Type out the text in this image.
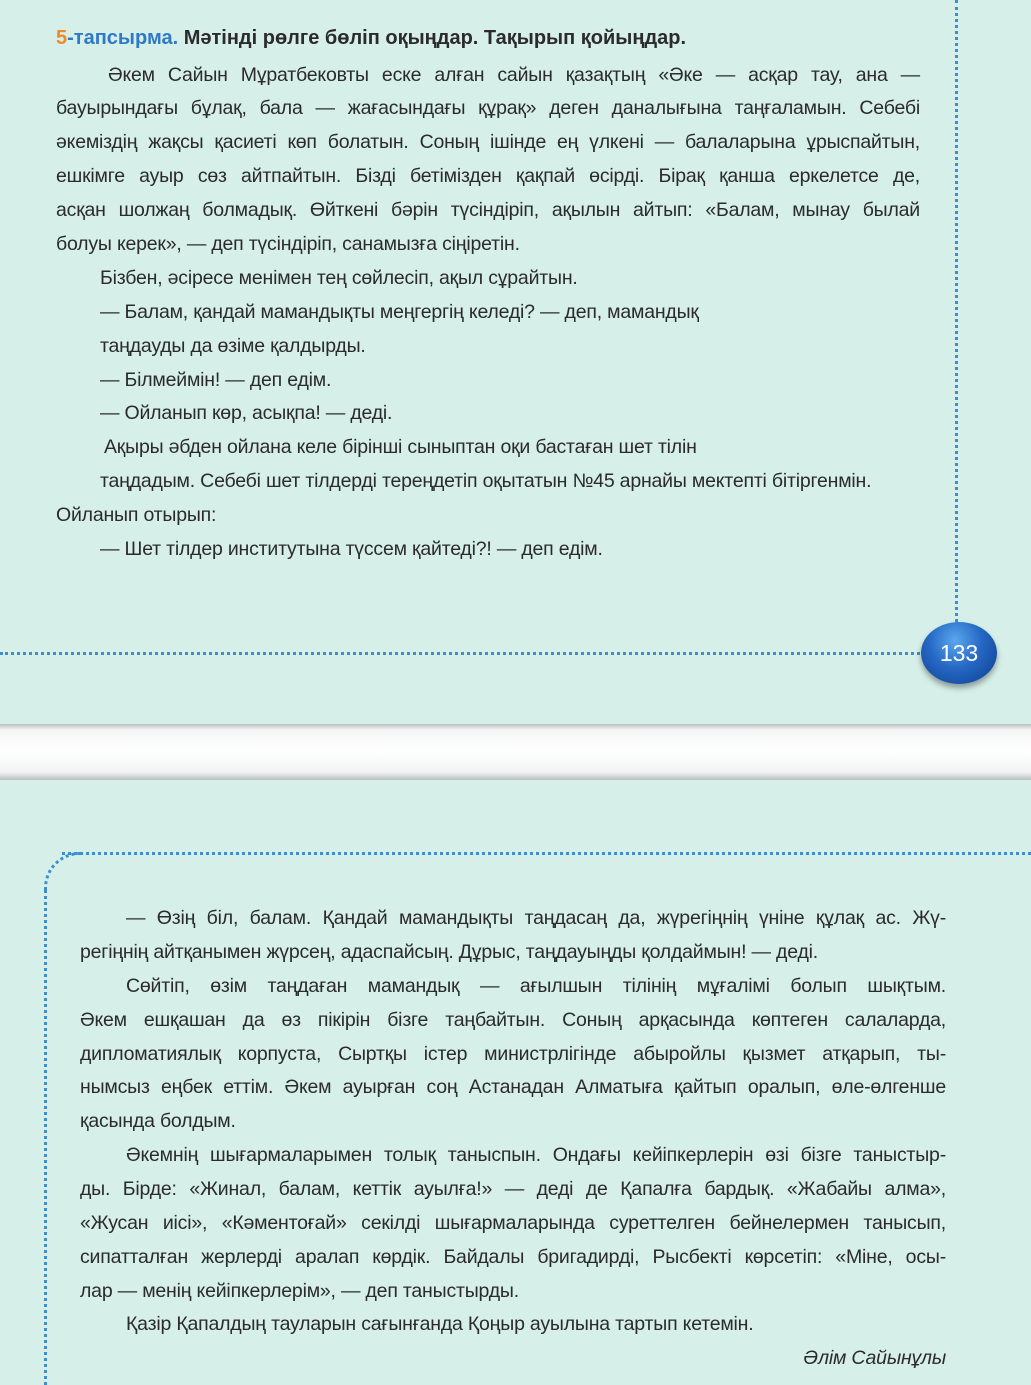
133
5-тапсырма. Мәтінді рөлге бөліп оқыңдар. Тақырып қойыңдар.
Әкем Сайын Мұратбековты еске алған сайын қазақтың «Әке — асқар тау, ана —
бауырындағы бұлақ, бала — жағасындағы құрақ» деген даналығына таңғаламын. Себебі
әкеміздің жақсы қасиеті көп болатын. Соның ішінде ең үлкені — балаларына ұрыспайтын,
ешкімге ауыр сөз айтпайтын. Бізді бетімізден қақпай өсірді. Бірақ қанша еркелетсе де,
асқан шолжаң болмадық. Өйткені бәрін түсіндіріп, ақылын айтып: «Балам, мынау былай
болуы керек», — деп түсіндіріп, санамызға сіңіретін.
Бізбен, әсіресе менімен тең сөйлесіп, ақыл сұрайтын.
— Балам, қандай мамандықты меңгергің келеді? — деп, мамандық
таңдауды да өзіме қалдырды.
— Білмеймін! — деп едім.
— Ойланып көр, асықпа! — деді.
Ақыры әбден ойлана келе бірінші сыныптан оқи бастаған шет тілін
таңдадым. Себебі шет тілдерді тереңдетіп оқытатын №45 арнайы мектепті бітіргенмін.
Ойланып отырып:
— Шет тілдер институтына түссем қайтеді?! — деп едім.
— Өзің біл, балам. Қандай мамандықты таңдасаң да, жүрегіңнің үніне құлақ ас. Жү-
регіңнің айтқанымен жүрсең, адаспайсың. Дұрыс, таңдауыңды қолдаймын! — деді.
Сөйтіп, өзім таңдаған мамандық — ағылшын тілінің мұғалімі болып шықтым.
Әкем ешқашан да өз пікірін бізге таңбайтын. Соның арқасында көптеген салаларда,
дипломатиялық корпуста, Сыртқы істер министрлігінде абыройлы қызмет атқарып, ты-
нымсыз еңбек еттім. Әкем ауырған соң Астанадан Алматыға қайтып оралып, өле-өлгенше
қасында болдым.
Әкемнің шығармаларымен толық таныспын. Ондағы кейіпкерлерін өзі бізге таныстыр-
ды. Бірде: «Жинал, балам, кеттік ауылға!» — деді де Қапалға бардық. «Жабайы алма»,
«Жусан иісі», «Кәментоғай» секілді шығармаларында суреттелген бейнелермен танысып,
сипатталған жерлерді аралап көрдік. Байдалы бригадирді, Рысбекті көрсетіп: «Міне, осы-
лар — менің кейіпкерлерім», — деп таныстырды.
Қазір Қапалдың тауларын сағынғанда Қоңыр ауылына тартып кетемін.
Әлім Сайынұлы
